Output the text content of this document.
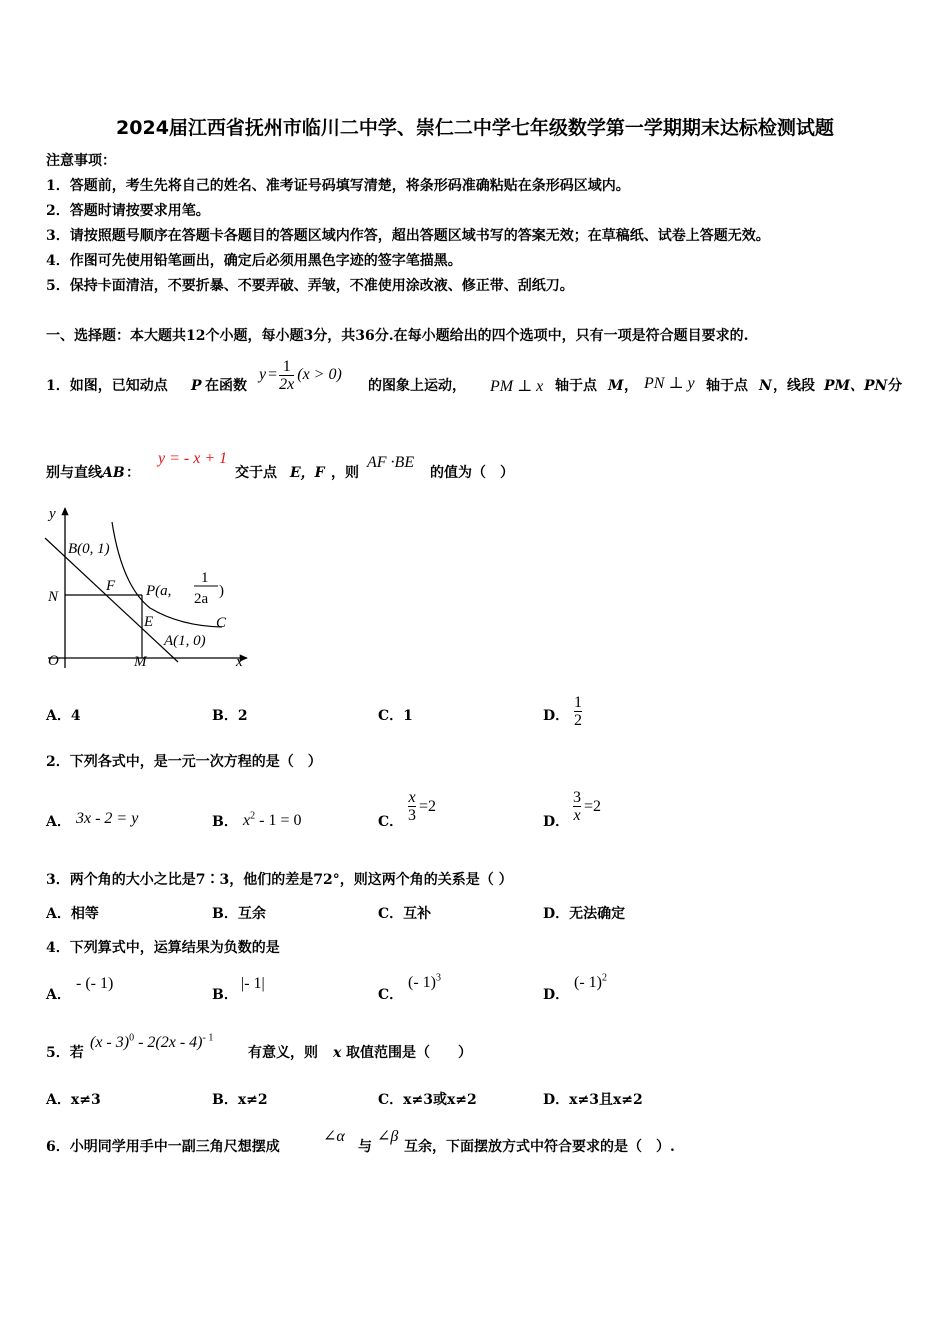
2024届江西省抚州市临川二中学、崇仁二中学七年级数学第一学期期末达标检测试题
注意事项：
1．答题前，考生先将自己的姓名、准考证号码填写清楚，将条形码准确粘贴在条形码区域内。
2．答题时请按要求用笔。
3．请按照题号顺序在答题卡各题目的答题区域内作答，超出答题区域书写的答案无效；在草稿纸、试卷上答题无效。
4．作图可先使用铅笔画出，确定后必须用黑色字迹的签字笔描黑。
5．保持卡面清洁，不要折暴、不要弄破、弄皱，不准使用涂改液、修正带、刮纸刀。
一、选择题：本大题共12个小题，每小题3分，共36分.在每小题给出的四个选项中，只有一项是符合题目要求的.
1．如图，已知动点 P 在函数
$y = \frac{1}{2x} (x > 0)$
的图象上运动， PM ⊥ x 轴于点 M ， PN ⊥ y 轴于点 N ，线段 PM、PN 分
别与直线 AB ：
y = - x + 1
交于点 E，F ，则
AF ·BE
的值为（　）
y
x
O
B(0, 1)
N
F P(a,
1
2a )
C
E
A(1, 0)
M
A．4	B．2	C．1	D． $\frac{1}{2}$
2．下列各式中，是一元一次方程的是（　）
A． 3x - 2 = y	B． $x^2 - 1 = 0$	C． $\frac{x}{3} =2$
D． $\frac{3}{x} =2$
3．两个角的大小之比是7∶3，他们的差是72°，则这两个角的关系是（ ）
A．相等	B．互余	C．互补	D．无法确定
4．下列算式中，运算结果为负数的是
A．
- (- 1)
B．
|- 1|
C．
(- 1)$^3$
D．
(- 1)$^2$
5．若
(x - 3)$^0$ - 2(2x - 4)$^{- 1}$
有意义，则 x 取值范围是（　　）
A．x≠3	B．x≠2	C．x≠3或x≠2	D．x≠3且x≠2
6．小明同学用手中一副三角尺想摆成
∠α
与
∠β
互余，下面摆放方式中符合要求的是（　）.
